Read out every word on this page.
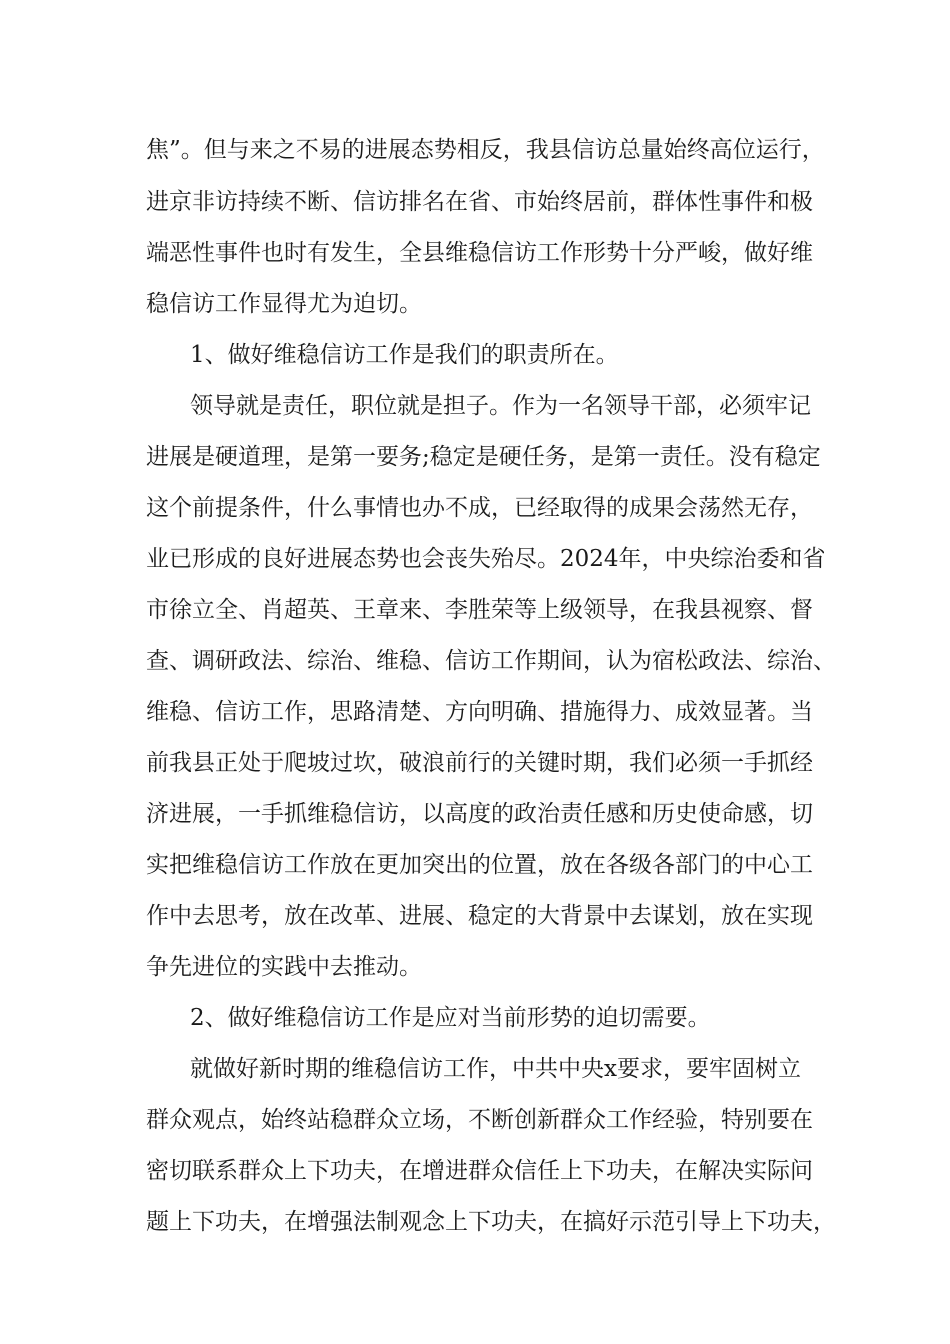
焦”。但与来之不易的进展态势相反，我县信访总量始终高位运行，
进京非访持续不断、信访排名在省、市始终居前，群体性事件和极
端恶性事件也时有发生，全县维稳信访工作形势十分严峻，做好维
稳信访工作显得尤为迫切。
1、做好维稳信访工作是我们的职责所在。
领导就是责任，职位就是担子。作为一名领导干部，必须牢记
进展是硬道理，是第一要务;稳定是硬任务，是第一责任。没有稳定
这个前提条件，什么事情也办不成，已经取得的成果会荡然无存，
业已形成的良好进展态势也会丧失殆尽。2024年，中央综治委和省
市徐立全、肖超英、王章来、李胜荣等上级领导，在我县视察、督
查、调研政法、综治、维稳、信访工作期间，认为宿松政法、综治、
维稳、信访工作，思路清楚、方向明确、措施得力、成效显著。当
前我县正处于爬坡过坎，破浪前行的关键时期，我们必须一手抓经
济进展，一手抓维稳信访，以高度的政治责任感和历史使命感，切
实把维稳信访工作放在更加突出的位置，放在各级各部门的中心工
作中去思考，放在改革、进展、稳定的大背景中去谋划，放在实现
争先进位的实践中去推动。
2、做好维稳信访工作是应对当前形势的迫切需要。
就做好新时期的维稳信访工作，中共中央x要求，要牢固树立
群众观点，始终站稳群众立场，不断创新群众工作经验，特别要在
密切联系群众上下功夫，在增进群众信任上下功夫，在解决实际问
题上下功夫，在增强法制观念上下功夫，在搞好示范引导上下功夫，
